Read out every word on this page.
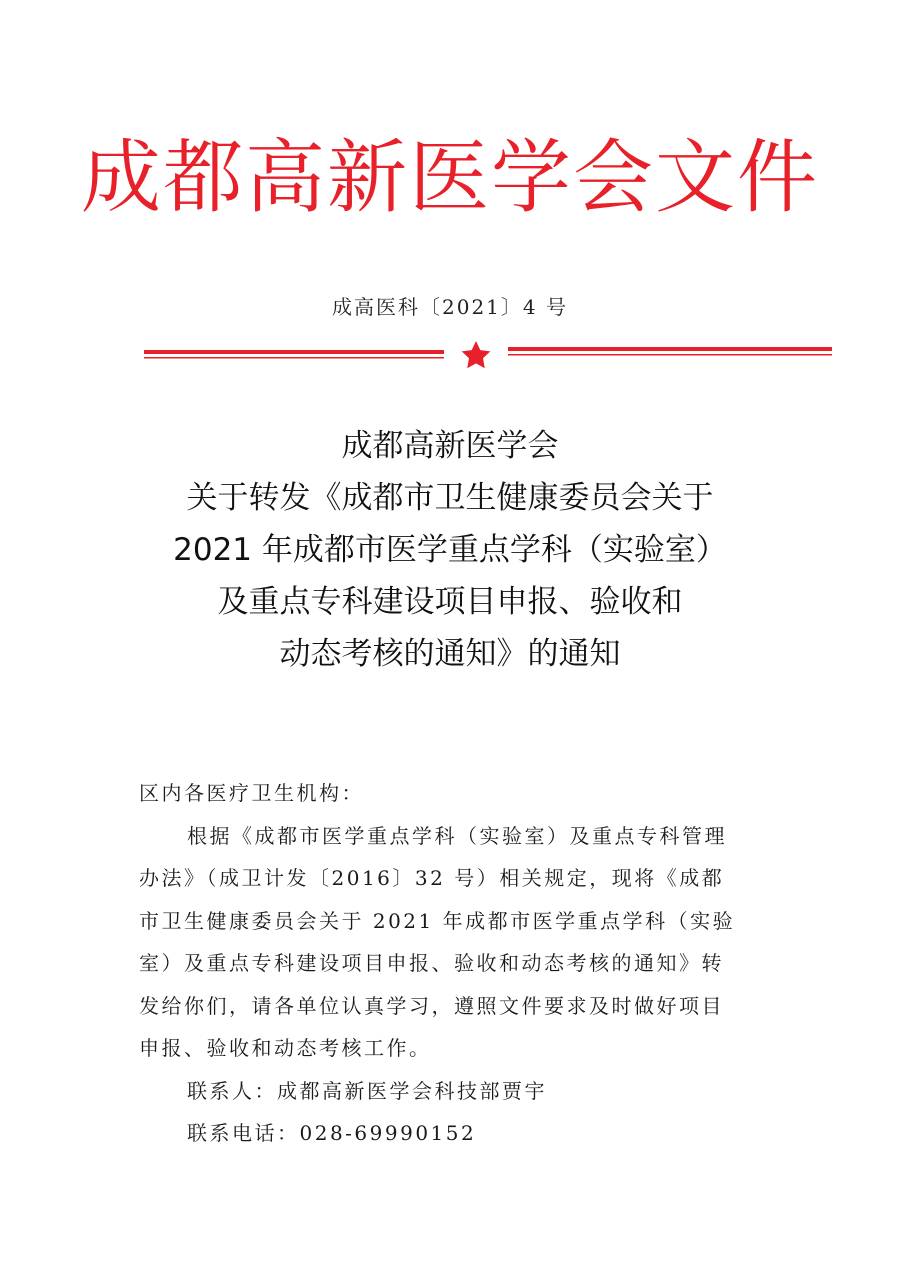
成都高新医学会文件
成高医科〔2021〕4 号
成都高新医学会
关于转发《成都市卫生健康委员会关于
2021 年成都市医学重点学科（实验室）
及重点专科建设项目申报、验收和
动态考核的通知》的通知
区内各医疗卫生机构：
根据《成都市医学重点学科（实验室）及重点专科管理
办法》（成卫计发〔2016〕32 号）相关规定，现将《成都
市卫生健康委员会关于 2021 年成都市医学重点学科（实验
室）及重点专科建设项目申报、验收和动态考核的通知》转
发给你们，请各单位认真学习，遵照文件要求及时做好项目
申报、验收和动态考核工作。
联系人：成都高新医学会科技部贾宇
联系电话：028-69990152
